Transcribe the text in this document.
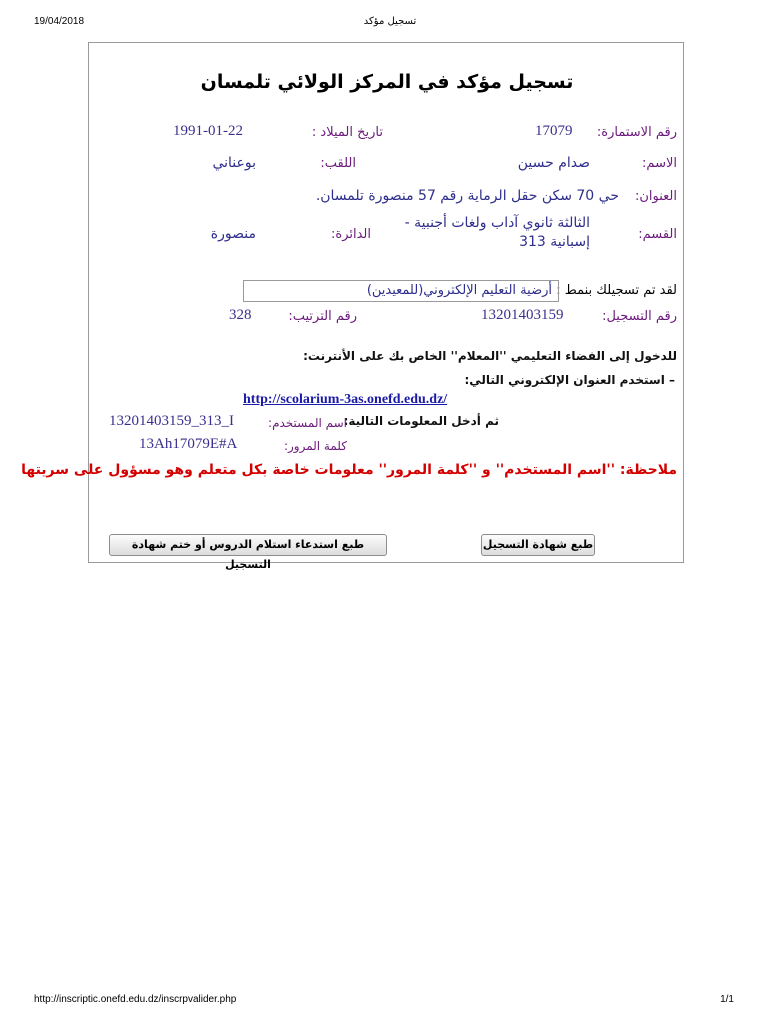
19/04/2018	تسجيل مؤكد
تسجيل مؤكد في المركز الولائي تلمسان
رقم الاستمارة:
17079
تاريخ الميلاد :
1991-01-22
الاسم:
صدام حسين
اللقب:
بوعناني
العنوان:
حي 70 سكن حقل الرماية رقم 57 منصورة تلمسان.
القسم:
الثالثة ثانوي آداب ولغات أجنبية -
إسبانية 313
الدائرة:
منصورة
لقد تم تسجيلك بنمط :
أرضية التعليم الإلكتروني(للمعيدين)
رقم التسجيل:
13201403159
رقم الترتيب:
328
للدخول إلى الفضاء التعليمي ''المعلام'' الخاص بك على الأنترنت:
– استخدم العنوان الإلكتروني التالي:
http://scolarium-3as.onefd.edu.dz/
ثم أدخل المعلومات التالية:
اسم المستخدم:
13201403159_313_I
كلمة المرور:
13Ah17079E#A
ملاحظة: ''اسم المستخدم'' و ''كلمة المرور'' معلومات خاصة بكل متعلم وهو مسؤول على سريتها
طبع شهادة التسجيل
طبع استدعاء استلام الدروس أو ختم شهادة التسجيل
http://inscriptic.onefd.edu.dz/inscrpvalider.php	1/1
